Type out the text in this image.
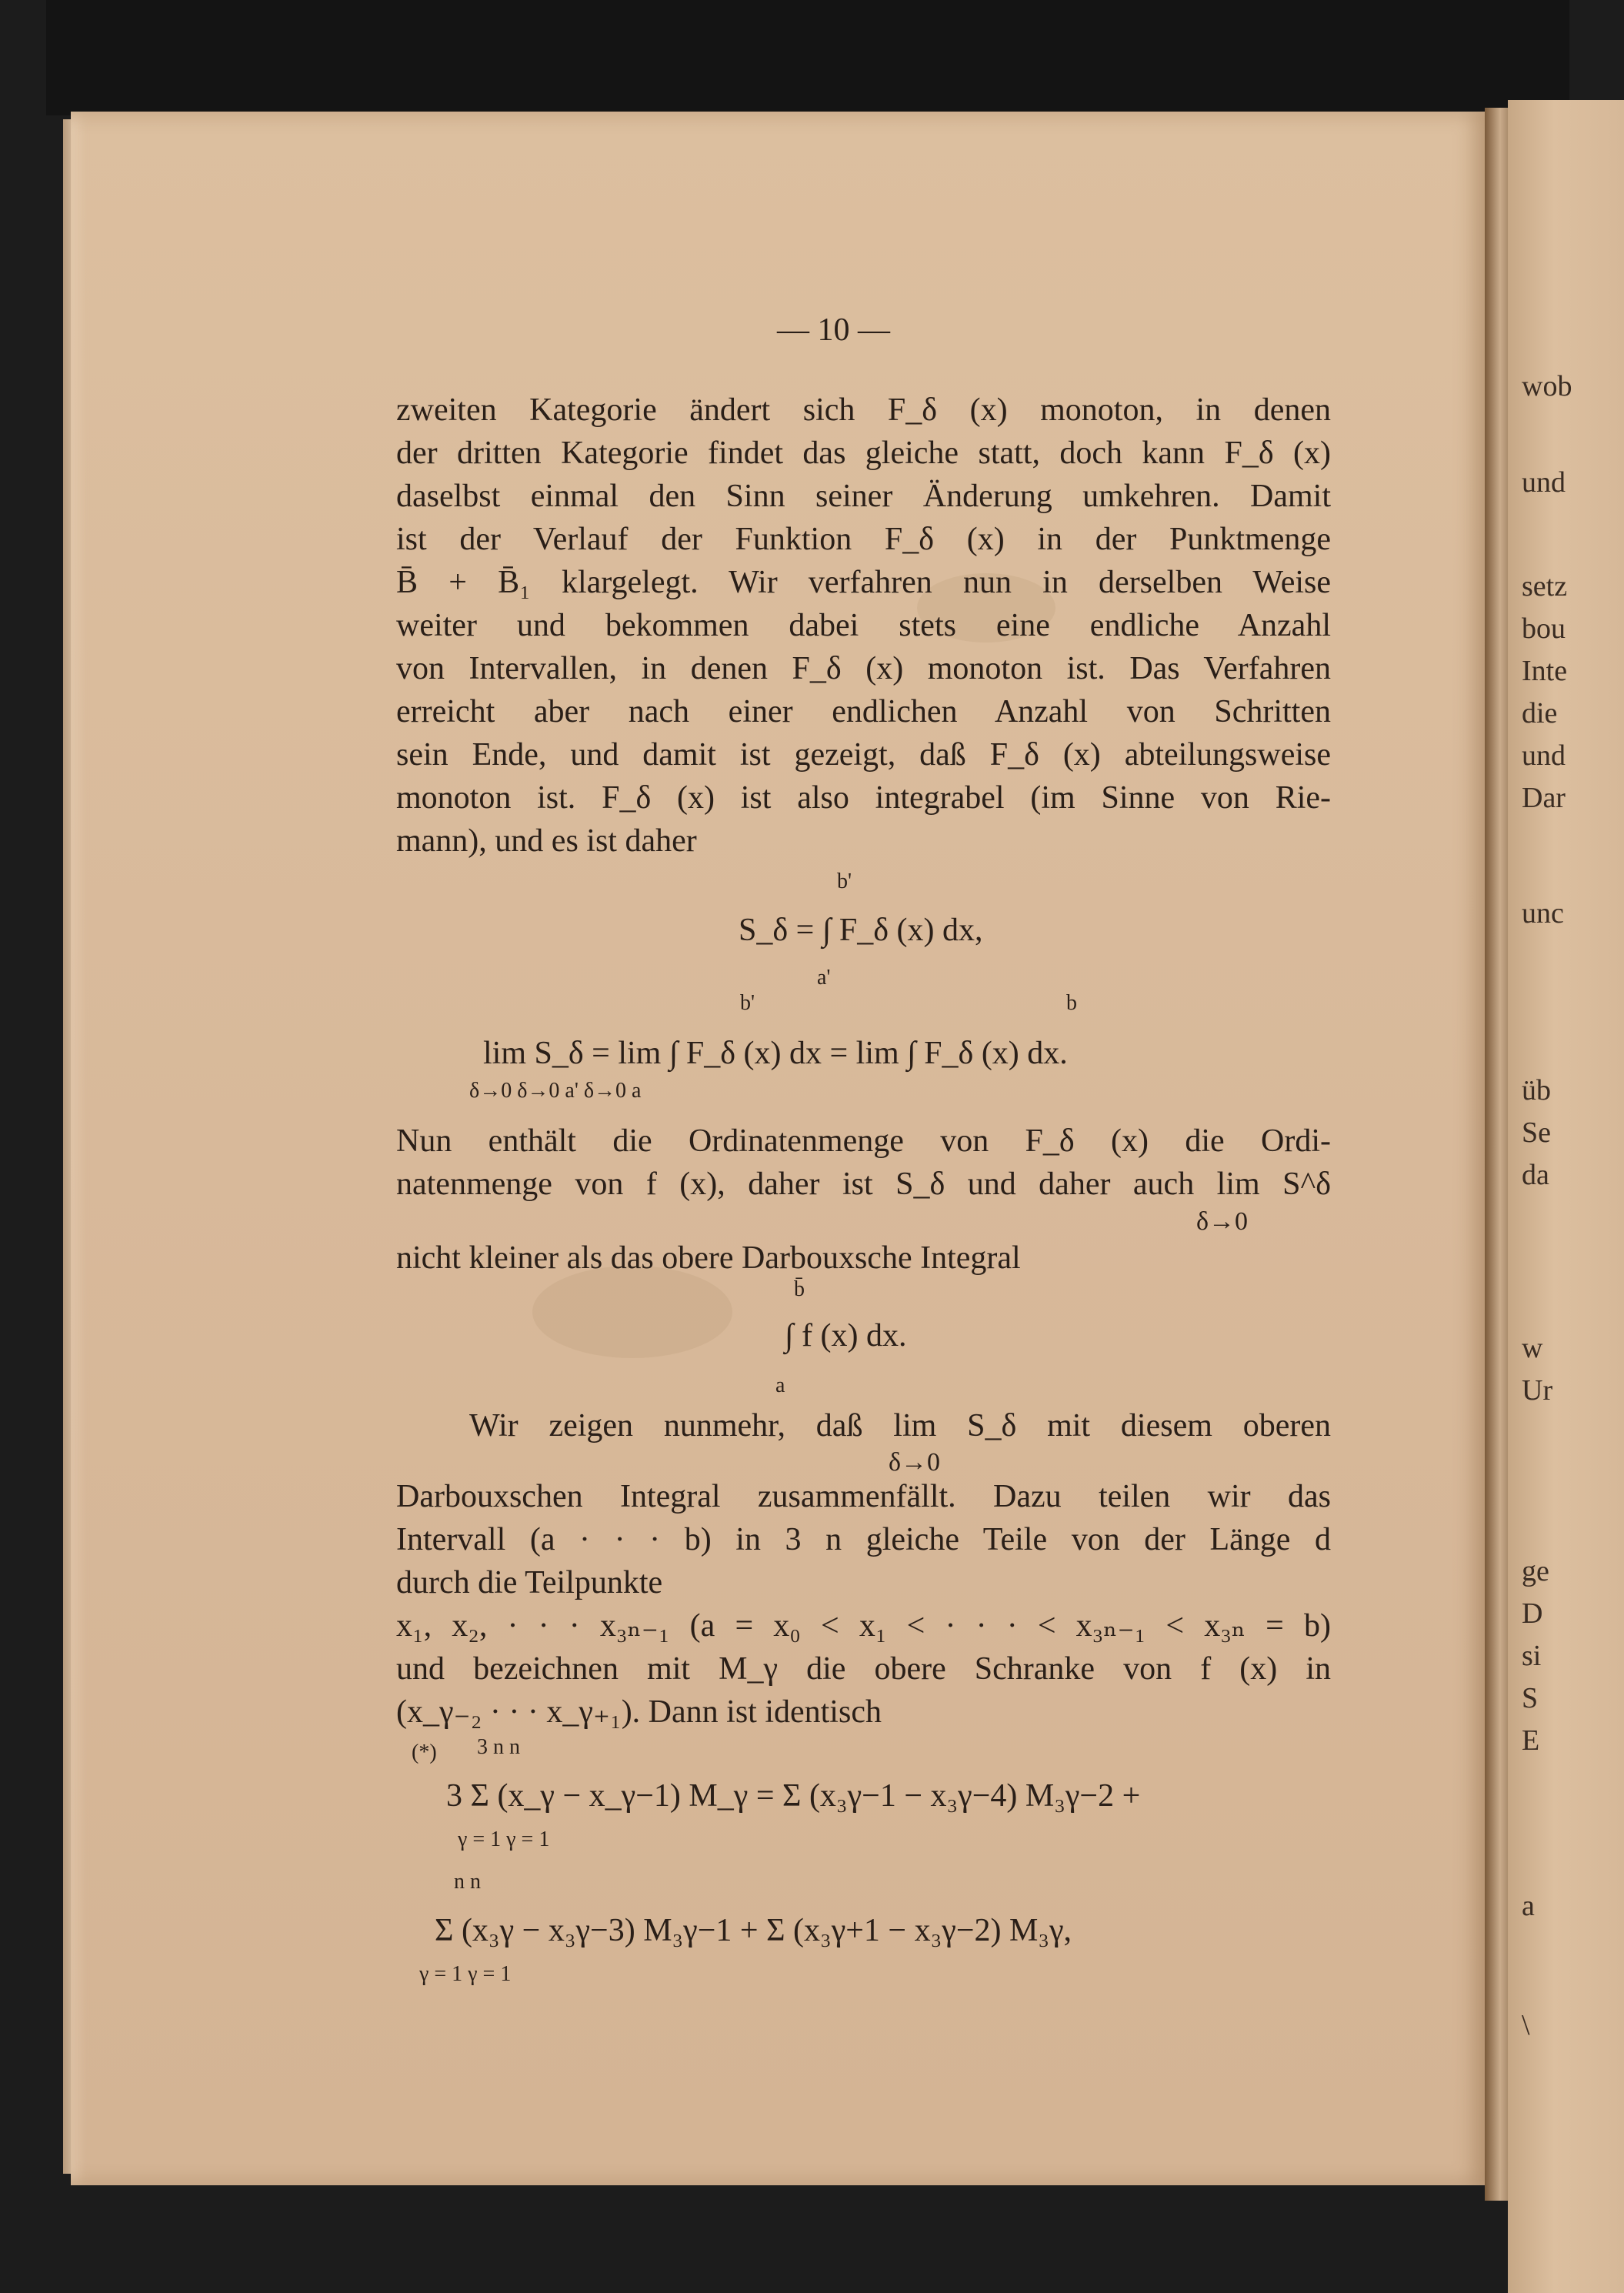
wob
und
setz
bou
Inte
die
und
Dar
unc
üb
Se
da
w
Ur
ge
D
si
S
E
a
\
— 10 —
zweiten Kategorie ändert sich F_δ (x) monoton, in denen
der dritten Kategorie findet das gleiche statt, doch kann F_δ (x)
daselbst einmal den Sinn seiner Änderung umkehren. Damit
ist der Verlauf der Funktion F_δ (x) in der Punktmenge
B̄ + B̄₁ klargelegt. Wir verfahren nun in derselben Weise
weiter und bekommen dabei stets eine endliche Anzahl
von Intervallen, in denen F_δ (x) monoton ist. Das Verfahren
erreicht aber nach einer endlichen Anzahl von Schritten
sein Ende, und damit ist gezeigt, daß F_δ (x) abteilungsweise
monoton ist. F_δ (x) ist also integrabel (im Sinne von Rie-
mann), und es ist daher
b'
S_δ = ∫ F_δ (x) dx,
a'
b'	b
lim S_δ = lim ∫ F_δ (x) dx = lim ∫ F_δ (x) dx.
δ→0 δ→0 a' δ→0 a
Nun enthält die Ordinatenmenge von F_δ (x) die Ordi-
natenmenge von f (x), daher ist S_δ und daher auch lim S^δ
δ→0
nicht kleiner als das obere Darbouxsche Integral
b̄
∫ f (x) dx.
a
Wir zeigen nunmehr, daß lim S_δ mit diesem oberen
δ→0
Darbouxschen Integral zusammenfällt. Dazu teilen wir das
Intervall (a · · · b) in 3 n gleiche Teile von der Länge d
durch die Teilpunkte
x₁, x₂, · · · x₃ₙ₋₁ (a = x₀ < x₁ < · · · < x₃ₙ₋₁ < x₃ₙ = b)
und bezeichnen mit M_γ die obere Schranke von f (x) in
(x_γ₋₂ · · · x_γ₊₁). Dann ist identisch
(*) 3 n n
3 Σ (x_γ − x_γ−1) M_γ = Σ (x₃γ−1 − x₃γ−4) M₃γ−2 +
γ = 1 γ = 1
n n
Σ (x₃γ − x₃γ−3) M₃γ−1 + Σ (x₃γ+1 − x₃γ−2) M₃γ,
γ = 1 γ = 1
